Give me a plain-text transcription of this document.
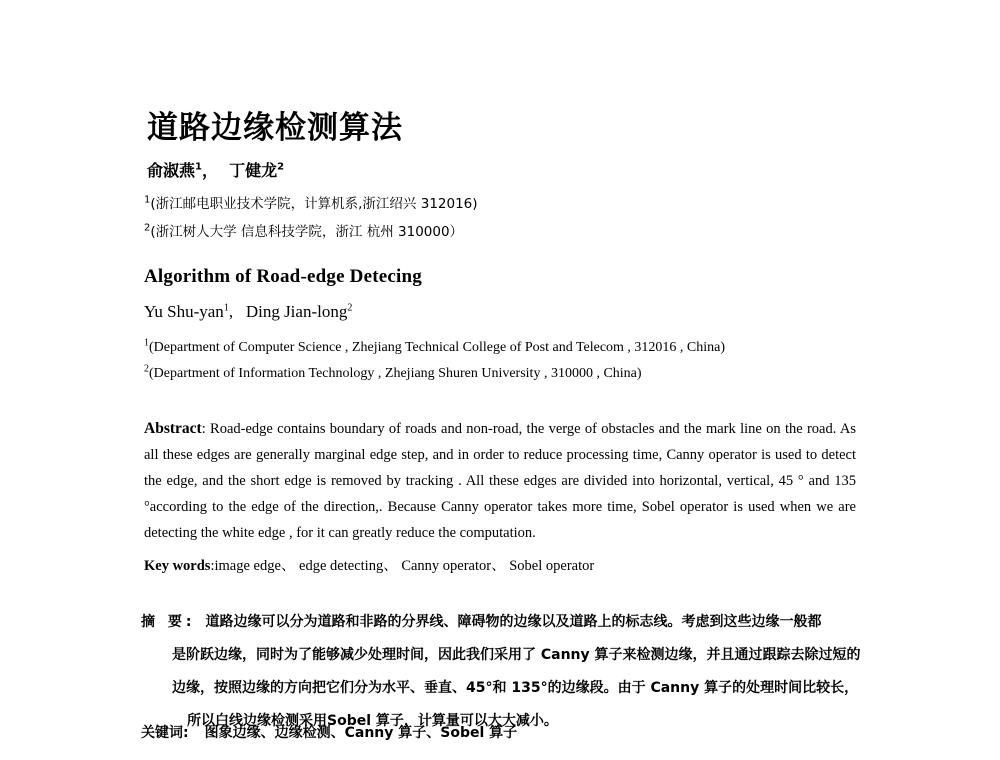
道路边缘检测算法
俞淑燕$^1$， 丁健龙$^2$
$^1$(浙江邮电职业技术学院，计算机系,浙江绍兴 312016)
$^2$(浙江树人大学 信息科技学院，浙江 杭州 310000）
Algorithm of Road-edge Detecing
Yu Shu-yan$^1$, Ding Jian-long$^2$
$^1$(Department of Computer Science , Zhejiang Technical College of Post and Telecom , 312016 , China)
$^2$(Department of Information Technology , Zhejiang Shuren University , 310000 , China)
Abstract: Road-edge contains boundary of roads and non-road, the verge of obstacles and the mark line on the road. As all these edges are generally marginal edge step, and in order to reduce processing time, Canny operator is used to detect the edge, and the short edge is removed by tracking . All these edges are divided into horizontal, vertical, 45 ° and 135 °according to the edge of the direction,. Because Canny operator takes more time, Sobel operator is used when we are detecting the white edge , for it can greatly reduce the computation.
Key words:image edge、 edge detecting、 Canny operator、 Sobel operator
摘 要: 道路边缘可以分为道路和非路的分界线、障碍物的边缘以及道路上的标志线。考虑到这些边缘一般都
是阶跃边缘，同时为了能够减少处理时间，因此我们采用了 Canny 算子来检测边缘，并且通过跟踪去除过短的
边缘，按照边缘的方向把它们分为水平、垂直、45°和 135°的边缘段。由于 Canny 算子的处理时间比较长，
所以白线边缘检测采用Sobel 算子，计算量可以大大减小。
关键词: 图象边缘、边缘检测、Canny 算子、Sobel 算子
